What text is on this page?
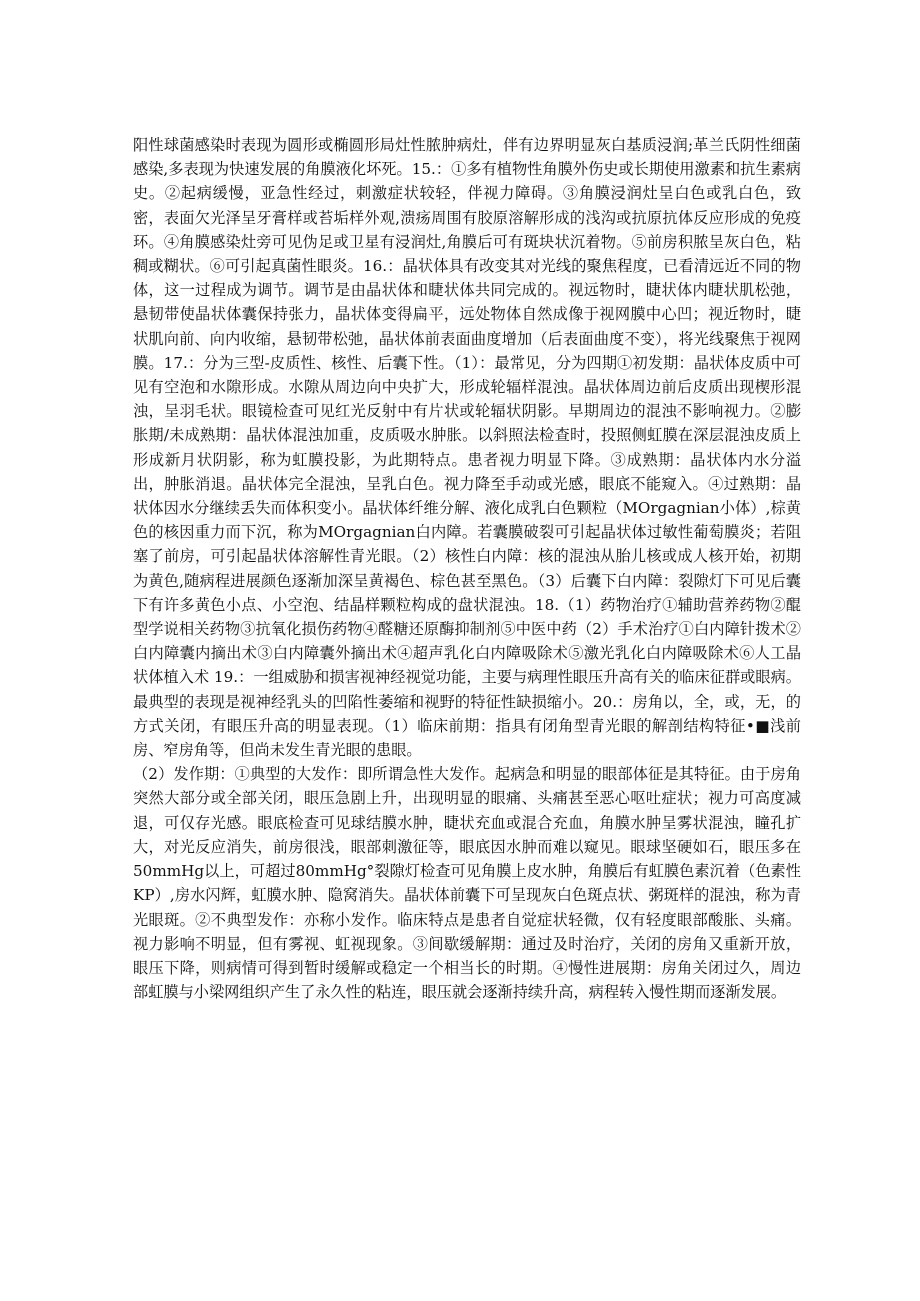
阳性球菌感染时表现为圆形或椭圆形局灶性脓肿病灶，伴有边界明显灰白基质浸润;革兰氏阴性细菌感染,多表现为快速发展的角膜液化坏死。15.：①多有植物性角膜外伤史或长期使用激素和抗生素病史。②起病缓慢，亚急性经过，刺激症状较轻，伴视力障碍。③角膜浸润灶呈白色或乳白色，致密，表面欠光泽呈牙膏样或苔垢样外观,溃疡周围有胶原溶解形成的浅沟或抗原抗体反应形成的免疫环。④角膜感染灶旁可见伪足或卫星有浸润灶,角膜后可有斑块状沉着物。⑤前房积脓呈灰白色，粘稠或糊状。⑥可引起真菌性眼炎。16.：晶状体具有改变其对光线的聚焦程度，已看清远近不同的物体，这一过程成为调节。调节是由晶状体和睫状体共同完成的。视远物时，睫状体内睫状肌松弛，悬韧带使晶状体囊保持张力，晶状体变得扁平，远处物体自然成像于视网膜中心凹；视近物时，睫状肌向前、向内收缩，悬韧带松弛，晶状体前表面曲度增加（后表面曲度不变），将光线聚焦于视网膜。17.：分为三型-皮质性、核性、后囊下性。（1）：最常见，分为四期①初发期：晶状体皮质中可见有空泡和水隙形成。水隙从周边向中央扩大，形成轮辐样混浊。晶状体周边前后皮质出现楔形混浊，呈羽毛状。眼镜检查可见红光反射中有片状或轮辐状阴影。早期周边的混浊不影响视力。②膨胀期/未成熟期：晶状体混浊加重，皮质吸水肿胀。以斜照法检查时，投照侧虹膜在深层混浊皮质上形成新月状阴影，称为虹膜投影，为此期特点。患者视力明显下降。③成熟期：晶状体内水分溢出，肿胀消退。晶状体完全混浊，呈乳白色。视力降至手动或光感，眼底不能窥入。④过熟期：晶状体因水分继续丢失而体积变小。晶状体纤维分解、液化成乳白色颗粒（MOrgagnian小体）,棕黄色的核因重力而下沉，称为MOrgagnian白内障。若囊膜破裂可引起晶状体过敏性葡萄膜炎；若阻塞了前房，可引起晶状体溶解性青光眼。（2）核性白内障：核的混浊从胎儿核或成人核开始，初期为黄色,随病程进展颜色逐渐加深呈黄褐色、棕色甚至黑色。（3）后囊下白内障：裂隙灯下可见后囊下有许多黄色小点、小空泡、结晶样颗粒构成的盘状混浊。18.（1）药物治疗①辅助营养药物②醌型学说相关药物③抗氧化损伤药物④醛糖还原酶抑制剂⑤中医中药（2）手术治疗①白内障针拨术②白内障囊内摘出术③白内障囊外摘出术④超声乳化白内障吸除术⑤激光乳化白内障吸除术⑥人工晶状体植入术 19.：一组威胁和损害视神经视觉功能，主要与病理性眼压升高有关的临床征群或眼病。最典型的表现是视神经乳头的凹陷性萎缩和视野的特征性缺损缩小。20.：房角以，全，或，无，的方式关闭，有眼压升高的明显表现。（1）临床前期：指具有闭角型青光眼的解剖结构特征•■浅前房、窄房角等，但尚未发生青光眼的患眼。

（2）发作期：①典型的大发作：即所谓急性大发作。起病急和明显的眼部体征是其特征。由于房角突然大部分或全部关闭，眼压急剧上升，出现明显的眼痛、头痛甚至恶心呕吐症状；视力可高度减退，可仅存光感。眼底检查可见球结膜水肿，睫状充血或混合充血，角膜水肿呈雾状混浊，瞳孔扩大，对光反应消失，前房很浅，眼部刺激征等，眼底因水肿而难以窥见。眼球坚硬如石，眼压多在50mmHg以上，可超过80mmHg°裂隙灯检查可见角膜上皮水肿，角膜后有虹膜色素沉着（色素性KP）,房水闪辉，虹膜水肿、隐窝消失。晶状体前囊下可呈现灰白色斑点状、粥斑样的混浊，称为青光眼斑。②不典型发作：亦称小发作。临床特点是患者自觉症状轻微，仅有轻度眼部酸胀、头痛。视力影响不明显，但有雾视、虹视现象。③间歇缓解期：通过及时治疗，关闭的房角又重新开放，眼压下降，则病情可得到暂时缓解或稳定一个相当长的时期。④慢性进展期：房角关闭过久，周边部虹膜与小梁网组织产生了永久性的粘连，眼压就会逐渐持续升高，病程转入慢性期而逐渐发展。
